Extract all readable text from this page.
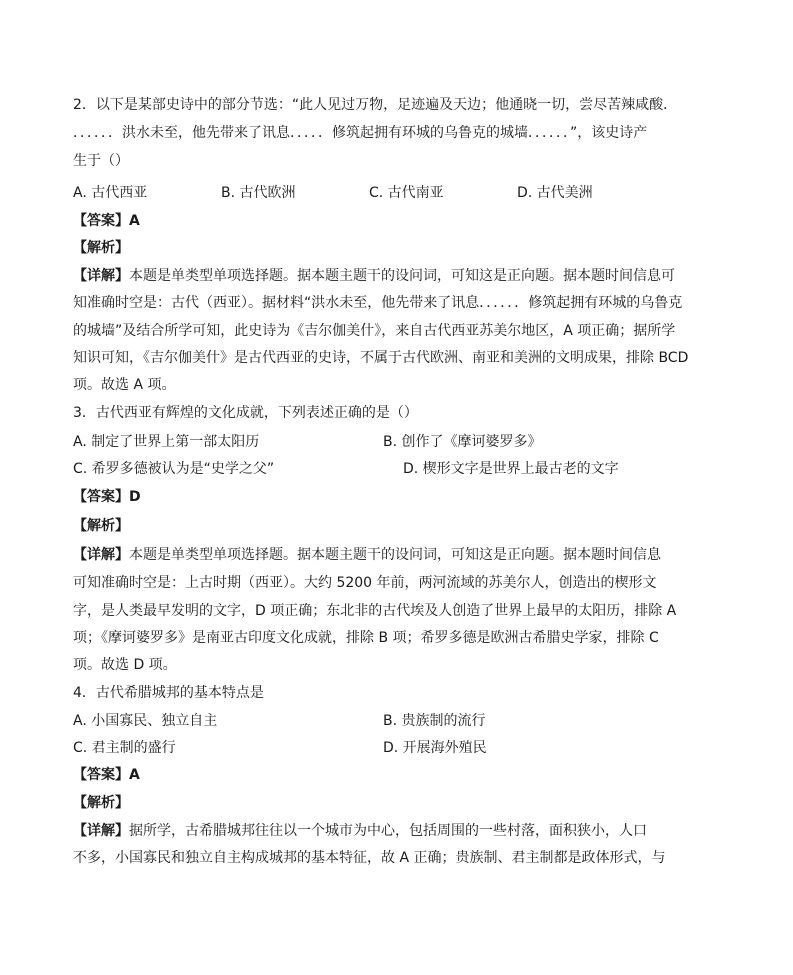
2．以下是某部史诗中的部分节选：“此人见过万物，足迹遍及天边；他通晓一切，尝尽苦辣咸酸．
．．．．．．洪水未至，他先带来了讯息．．．．．修筑起拥有环城的乌鲁克的城墙．．．．．．”，该史诗产
生于（）
A. 古代西亚	B. 古代欧洲	C. 古代南亚	D. 古代美洲
【答案】A
【解析】
【详解】本题是单类型单项选择题。据本题主题干的设问词，可知这是正向题。据本题时间信息可
知准确时空是：古代（西亚）。据材料“洪水未至，他先带来了讯息．．．．．．修筑起拥有环城的乌鲁克
的城墙”及结合所学可知，此史诗为《吉尔伽美什》，来自古代西亚苏美尔地区，A 项正确；据所学
知识可知，《吉尔伽美什》是古代西亚的史诗，不属于古代欧洲、南亚和美洲的文明成果，排除 BCD
项。故选 A 项。
3．古代西亚有辉煌的文化成就，下列表述正确的是（）
A. 制定了世界上第一部太阳历	B. 创作了《摩诃婆罗多》
C. 希罗多德被认为是“史学之父”	D. 楔形文字是世界上最古老的文字
【答案】D
【解析】
【详解】本题是单类型单项选择题。据本题主题干的设问词，可知这是正向题。据本题时间信息
可知准确时空是：上古时期（西亚）。大约 5200 年前，两河流域的苏美尔人，创造出的楔形文
字，是人类最早发明的文字，D 项正确；东北非的古代埃及人创造了世界上最早的太阳历，排除 A
项；《摩诃婆罗多》是南亚古印度文化成就，排除 B 项；希罗多德是欧洲古希腊史学家，排除 C
项。故选 D 项。
4．古代希腊城邦的基本特点是
A. 小国寡民、独立自主	B. 贵族制的流行
C. 君主制的盛行	D. 开展海外殖民
【答案】A
【解析】
【详解】据所学，古希腊城邦往往以一个城市为中心，包括周围的一些村落，面积狭小，人口
不多，小国寡民和独立自主构成城邦的基本特征，故 A 正确；贵族制、君主制都是政体形式，与
